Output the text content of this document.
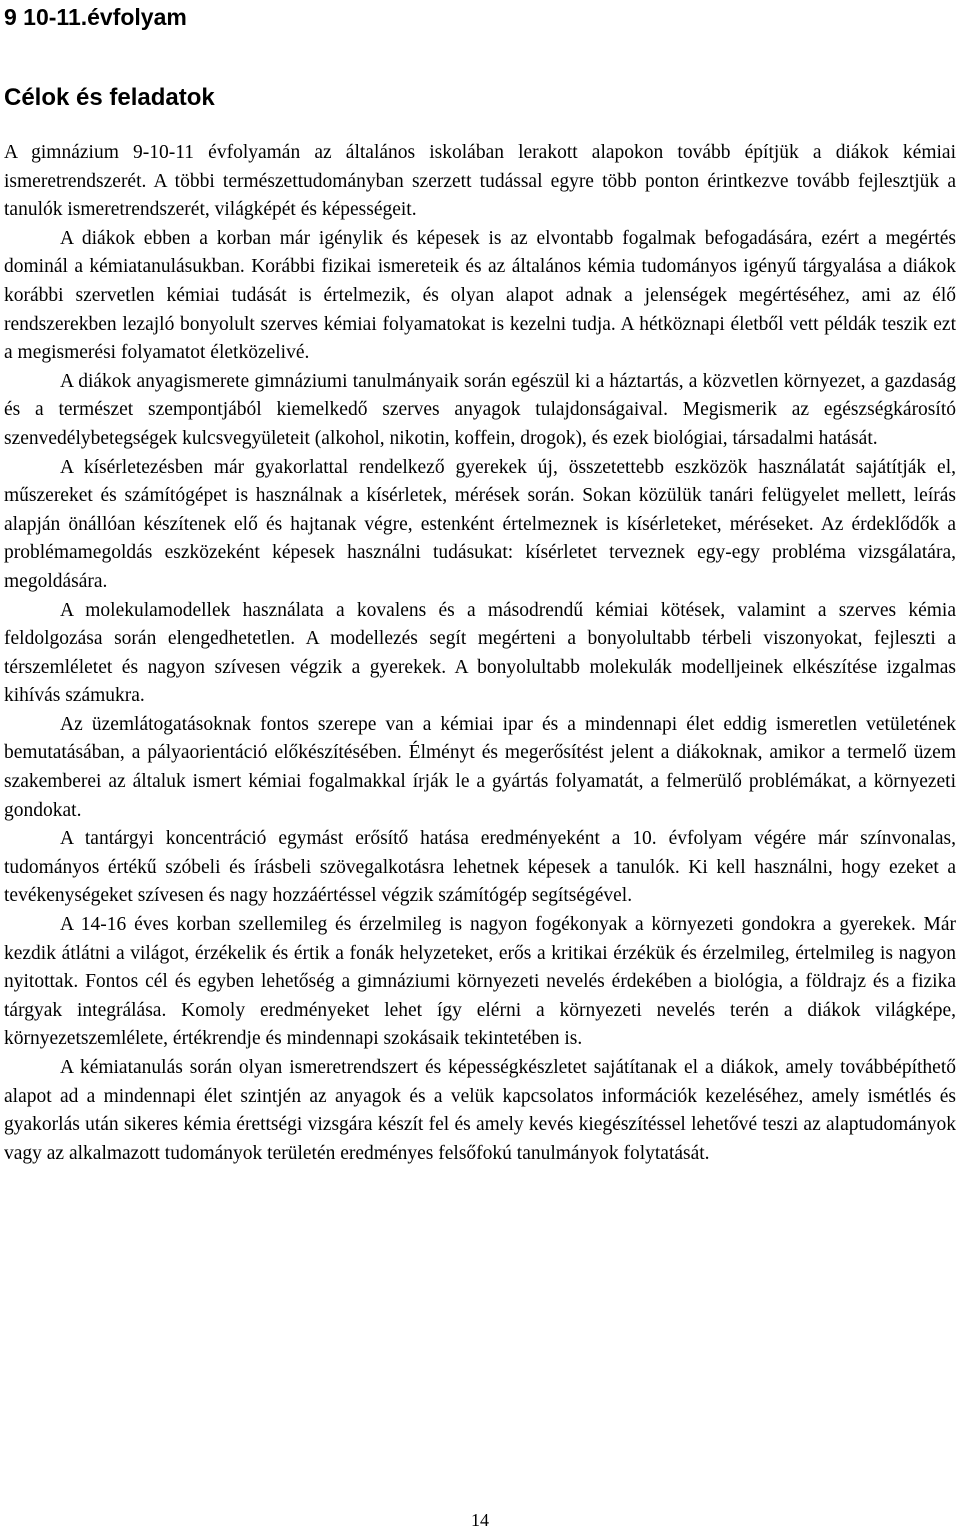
9 10-11.évfolyam
Célok és feladatok

A gimnázium 9-10-11 évfolyamán az általános iskolában lerakott alapokon tovább építjük a diákok kémiai ismeretrendszerét. A többi természettudományban szerzett tudással egyre több ponton érintkezve tovább fejlesztjük a tanulók ismeretrendszerét, világképét és képességeit.

A diákok ebben a korban már igénylik és képesek is az elvontabb fogalmak befogadására, ezért a megértés dominál a kémiatanulásukban. Korábbi fizikai ismereteik és az általános kémia tudományos igényű tárgyalása a diákok korábbi szervetlen kémiai tudását is értelmezik, és olyan alapot adnak a jelenségek megértéséhez, ami az élő rendszerekben lezajló bonyolult szerves kémiai folyamatokat is kezelni tudja. A hétköznapi életből vett példák teszik ezt a megismerési folyamatot életközelivé.

A diákok anyagismerete gimnáziumi tanulmányaik során egészül ki a háztartás, a közvetlen környezet, a gazdaság és a természet szempontjából kiemelkedő szerves anyagok tulajdonságaival. Megismerik az egészségkárosító szenvedélybetegségek kulcsvegyületeit (alkohol, nikotin, koffein, drogok), és ezek biológiai, társadalmi hatását.

A kísérletezésben már gyakorlattal rendelkező gyerekek új, összetettebb eszközök használatát sajátítják el, műszereket és számítógépet is használnak a kísérletek, mérések során. Sokan közülük tanári felügyelet mellett, leírás alapján önállóan készítenek elő és hajtanak végre, estenként értelmeznek is kísérleteket, méréseket. Az érdeklődők a problémamegoldás eszközeként képesek használni tudásukat: kísérletet terveznek egy-egy probléma vizsgálatára, megoldására.

A molekulamodellek használata a kovalens és a másodrendű kémiai kötések, valamint a szerves kémia feldolgozása során elengedhetetlen. A modellezés segít megérteni a bonyolultabb térbeli viszonyokat, fejleszti a térszemléletet és nagyon szívesen végzik a gyerekek. A bonyolultabb molekulák modelljeinek elkészítése izgalmas kihívás számukra.

Az üzemlátogatásoknak fontos szerepe van a kémiai ipar és a mindennapi élet eddig ismeretlen vetületének bemutatásában, a pályaorientáció előkészítésében. Élményt és megerősítést jelent a diákoknak, amikor a termelő üzem szakemberei az általuk ismert kémiai fogalmakkal írják le a gyártás folyamatát, a felmerülő problémákat, a környezeti gondokat.

A tantárgyi koncentráció egymást erősítő hatása eredményeként a 10. évfolyam végére már színvonalas, tudományos értékű szóbeli és írásbeli szövegalkotásra lehetnek képesek a tanulók. Ki kell használni, hogy ezeket a tevékenységeket szívesen és nagy hozzáértéssel végzik számítógép segítségével.

A 14-16 éves korban szellemileg és érzelmileg is nagyon fogékonyak a környezeti gondokra a gyerekek. Már kezdik átlátni a világot, érzékelik és értik a fonák helyzeteket, erős a kritikai érzékük és érzelmileg, értelmileg is nagyon nyitottak. Fontos cél és egyben lehetőség a gimnáziumi környezeti nevelés érdekében a biológia, a földrajz és a fizika tárgyak integrálása. Komoly eredményeket lehet így elérni a környezeti nevelés terén a diákok világképe, környezetszemlélete, értékrendje és mindennapi szokásaik tekintetében is.

A kémiatanulás során olyan ismeretrendszert és képességkészletet sajátítanak el a diákok, amely továbbépíthető alapot ad a mindennapi élet szintjén az anyagok és a velük kapcsolatos információk kezeléséhez, amely ismétlés és gyakorlás után sikeres kémia érettségi vizsgára készít fel és amely kevés kiegészítéssel lehetővé teszi az alaptudományok vagy az alkalmazott tudományok területén eredményes felsőfokú tanulmányok folytatását.

14
